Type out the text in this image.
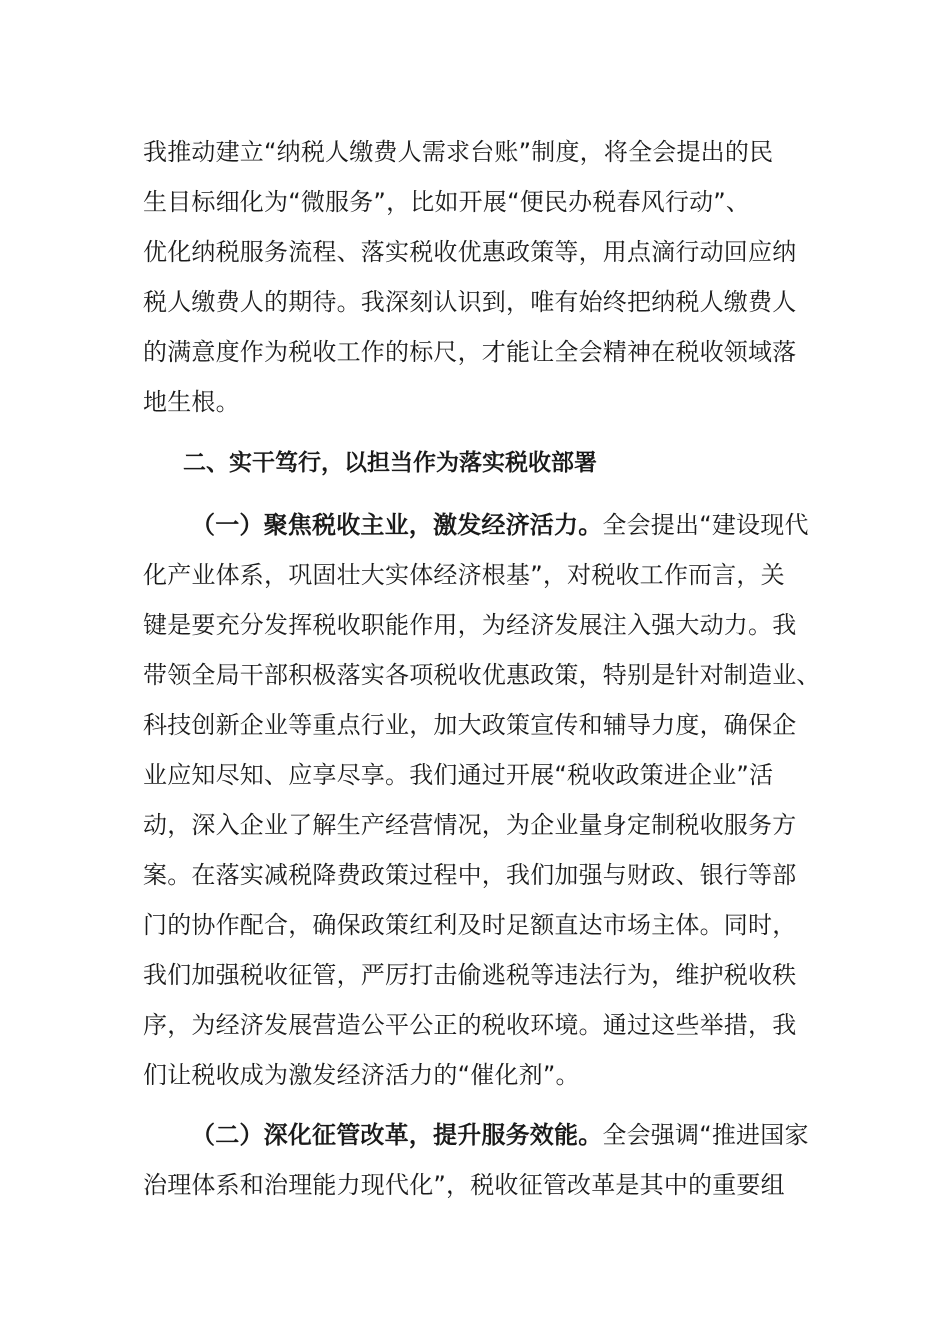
我推动建立“纳税人缴费人需求台账”制度，将全会提出的民
生目标细化为“微服务”，比如开展“便民办税春风行动”、
优化纳税服务流程、落实税收优惠政策等，用点滴行动回应纳
税人缴费人的期待。我深刻认识到，唯有始终把纳税人缴费人
的满意度作为税收工作的标尺，才能让全会精神在税收领域落
地生根。
二、实干笃行，以担当作为落实税收部署
（一）聚焦税收主业，激发经济活力。全会提出“建设现代
化产业体系，巩固壮大实体经济根基”，对税收工作而言，关
键是要充分发挥税收职能作用，为经济发展注入强大动力。我
带领全局干部积极落实各项税收优惠政策，特别是针对制造业、
科技创新企业等重点行业，加大政策宣传和辅导力度，确保企
业应知尽知、应享尽享。我们通过开展“税收政策进企业”活
动，深入企业了解生产经营情况，为企业量身定制税收服务方
案。在落实减税降费政策过程中，我们加强与财政、银行等部
门的协作配合，确保政策红利及时足额直达市场主体。同时，
我们加强税收征管，严厉打击偷逃税等违法行为，维护税收秩
序，为经济发展营造公平公正的税收环境。通过这些举措，我
们让税收成为激发经济活力的“催化剂”。
（二）深化征管改革，提升服务效能。全会强调“推进国家
治理体系和治理能力现代化”，税收征管改革是其中的重要组
